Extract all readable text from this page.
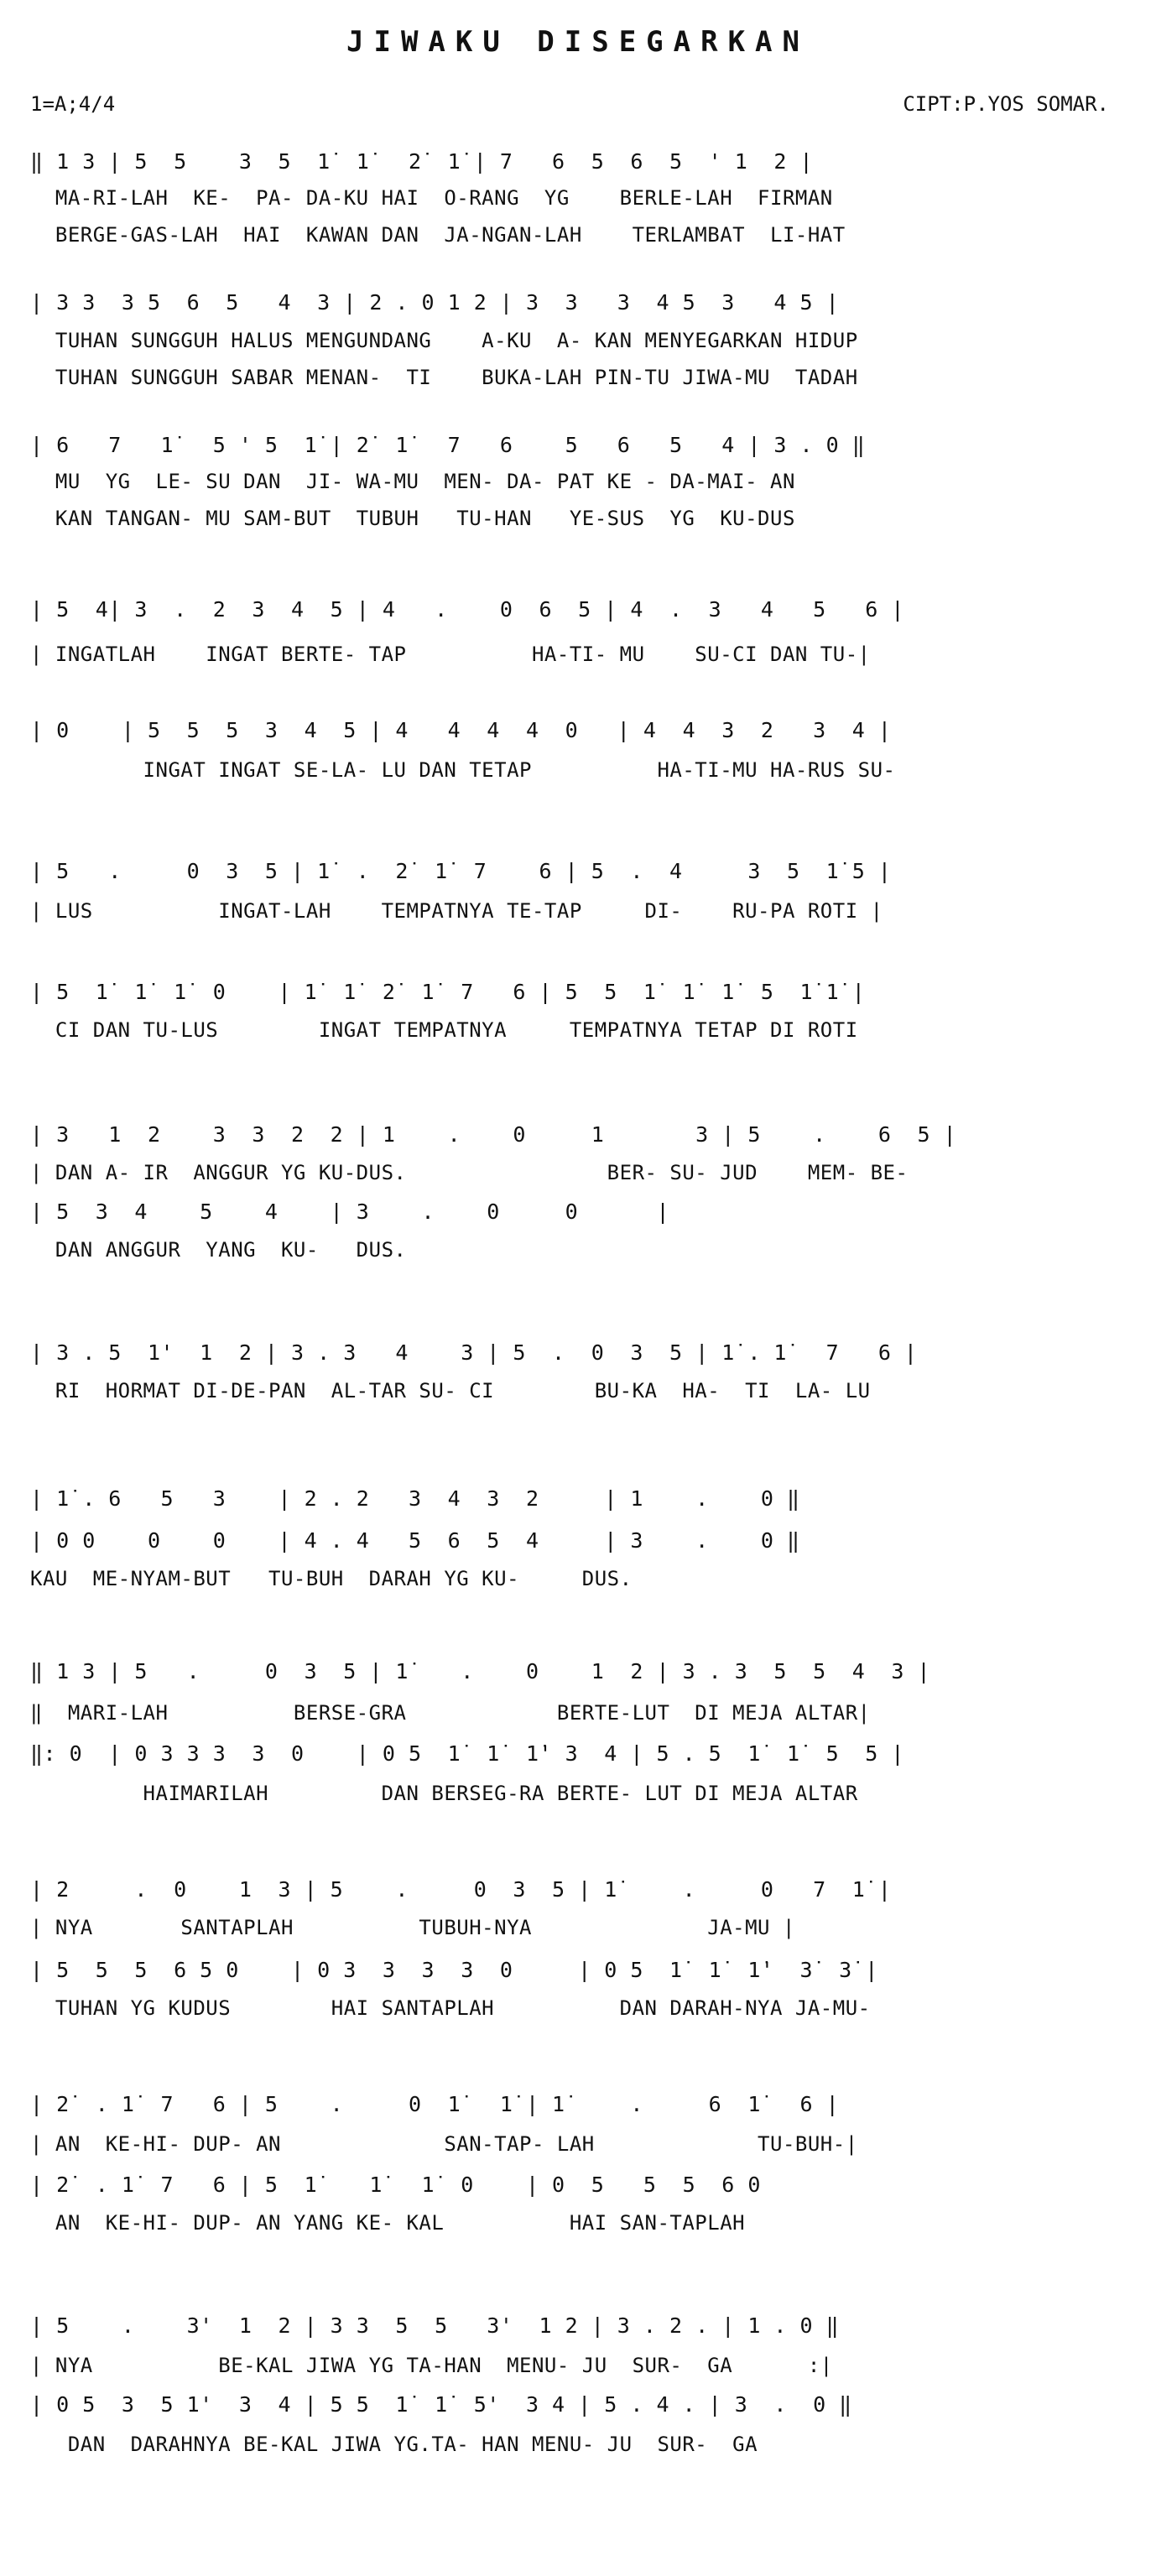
JIWAKU DISEGARKAN
1=A;4/4	CIPT:P.YOS SOMAR.
‖ 1 3 | 5  5    3  5  1̇  1̇   2̇  1̇ | 7   6  5  6  5  ' 1  2 |
MA-RI-LAH  KE-  PA- DA-KU HAI  O-RANG  YG    BERLE-LAH  FIRMAN
BERGE-GAS-LAH  HAI  KAWAN DAN  JA-NGAN-LAH    TERLAMBAT  LI-HAT
| 3 3  3 5  6  5   4  3 | 2 . 0 1 2 | 3  3   3  4 5  3   4 5 |
TUHAN SUNGGUH HALUS MENGUNDANG    A-KU  A- KAN MENYEGARKAN HIDUP
TUHAN SUNGGUH SABAR MENAN-  TI    BUKA-LAH PIN-TU JIWA-MU  TADAH
| 6   7   1̇   5 ' 5  1̇ | 2̇  1̇   7   6    5   6   5   4 | 3 . 0 ‖
MU  YG  LE- SU DAN  JI- WA-MU  MEN- DA- PAT KE - DA-MAI- AN
KAN TANGAN- MU SAM-BUT  TUBUH   TU-HAN   YE-SUS  YG  KU-DUS
| 5  4| 3  .  2  3  4  5 | 4   .    0  6  5 | 4  .  3   4   5   6 |
| INGATLAH    INGAT BERTE- TAP          HA-TI- MU    SU-CI DAN TU-|
| 0    | 5  5  5  3  4  5 | 4   4  4  4  0   | 4  4  3  2   3  4 |
INGAT INGAT SE-LA- LU DAN TETAP          HA-TI-MU HA-RUS SU-
| 5   .     0  3  5 | 1̇  .  2̇  1̇  7    6 | 5  .  4     3  5  1̇ 5 |
| LUS          INGAT-LAH    TEMPATNYA TE-TAP     DI-    RU-PA ROTI |
| 5  1̇  1̇  1̇  0    | 1̇  1̇  2̇  1̇  7   6 | 5  5  1̇  1̇  1̇  5  1̇ 1̇ |
CI DAN TU-LUS        INGAT TEMPATNYA     TEMPATNYA TETAP DI ROTI
| 3   1  2    3  3  2  2 | 1    .    0     1       3 | 5    .    6  5 |
| DAN A- IR  ANGGUR YG KU-DUS.                BER- SU- JUD    MEM- BE-
| 5  3  4    5    4    | 3    .    0     0      |
DAN ANGGUR  YANG  KU-   DUS.
| 3 . 5  1'  1  2 | 3 . 3   4    3 | 5  .  0  3  5 | 1̇ . 1̇   7   6 |
RI  HORMAT DI-DE-PAN  AL-TAR SU- CI        BU-KA  HA-  TI  LA- LU
| 1̇ . 6   5   3    | 2 . 2   3  4  3  2     | 1    .    0 ‖
| 0 0    0    0    | 4 . 4   5  6  5  4     | 3    .    0 ‖
KAU  ME-NYAM-BUT   TU-BUH  DARAH YG KU-     DUS.
‖ 1 3 | 5   .     0  3  5 | 1̇    .    0    1  2 | 3 . 3  5  5  4  3 |
‖  MARI-LAH          BERSE-GRA            BERTE-LUT  DI MEJA ALTAR|
‖: 0  | 0 3 3 3  3  0    | 0 5  1̇  1̇  1̇' 3  4 | 5 . 5  1̇  1̇  5  5 |
HAIMARILAH         DAN BERSEG-RA BERTE- LUT DI MEJA ALTAR
| 2     .  0    1  3 | 5    .     0  3  5 | 1̇     .     0   7  1̇ |
| NYA       SANTAPLAH          TUBUH-NYA              JA-MU |
| 5  5  5  6 5 0    | 0 3  3  3  3  0     | 0 5  1̇  1̇  1̇'  3̇  3̇ |
TUHAN YG KUDUS        HAI SANTAPLAH          DAN DARAH-NYA JA-MU-
| 2̇  . 1̇  7   6 | 5    .     0  1̇   1̇ | 1̇     .     6  1̇   6 |
| AN  KE-HI- DUP- AN             SAN-TAP- LAH             TU-BUH-|
| 2̇  . 1̇  7   6 | 5  1̇    1̇   1̇  0    | 0  5   5  5  6 0
AN  KE-HI- DUP- AN YANG KE- KAL          HAI SAN-TAPLAH
| 5    .    3'  1  2 | 3 3  5  5   3'  1 2 | 3 . 2 . | 1 . 0 ‖
| NYA          BE-KAL JIWA YG TA-HAN  MENU- JU  SUR-  GA      :|
| 0 5  3  5 1'  3  4 | 5 5  1̇  1̇  5'  3 4 | 5 . 4 . | 3  .  0 ‖
DAN  DARAHNYA BE-KAL JIWA YG.TA- HAN MENU- JU  SUR-  GA
